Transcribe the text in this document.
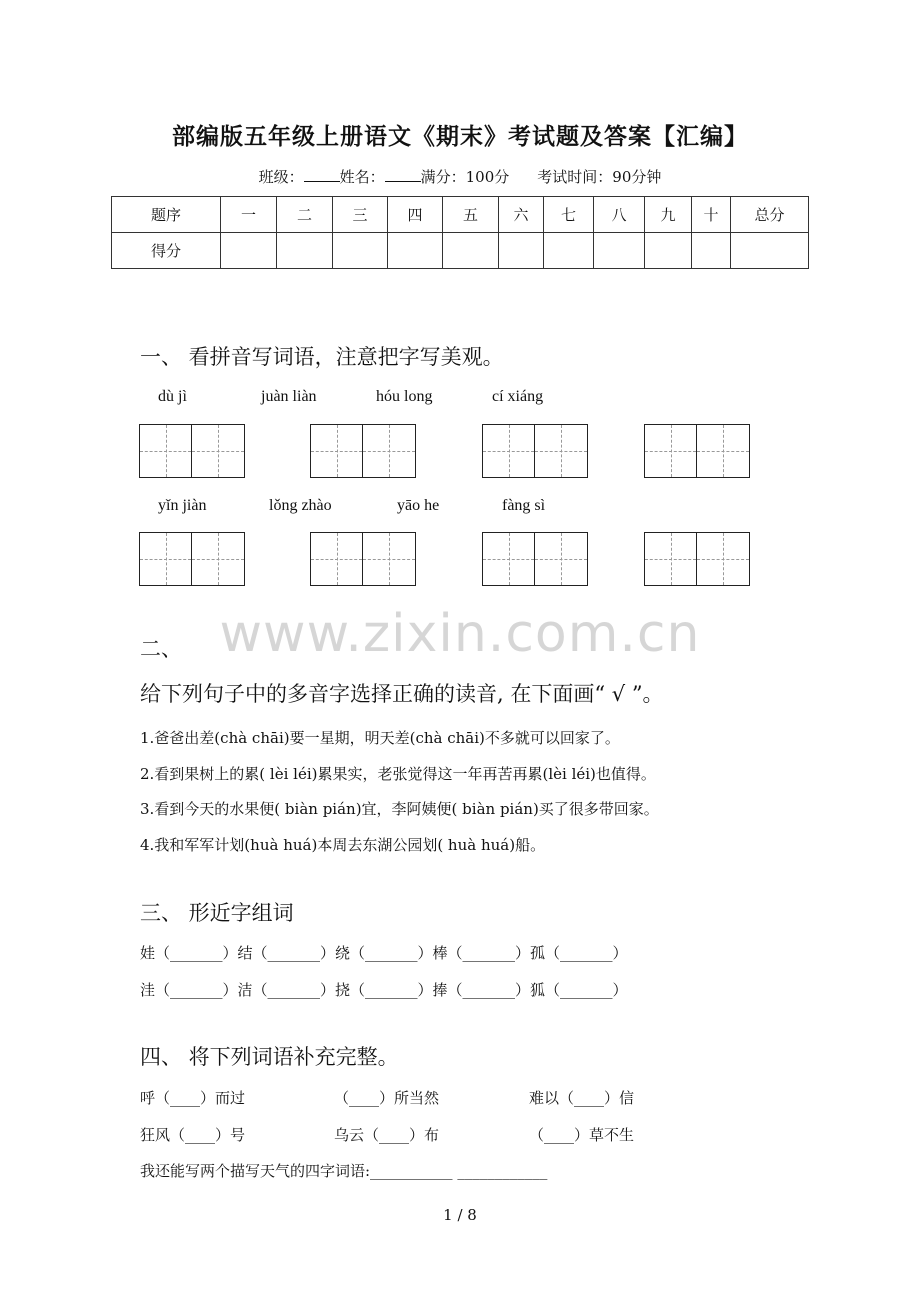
部编版五年级上册语文《期末》考试题及答案【汇编】
班级： 姓名： 满分：100分 考试时间：90分钟
题序	一	二	三	四	五	六	七	八	九	十	总分
得分											
一、 看拼音写词语，注意把字写美观。
dù jì	juàn liàn	hóu long	cí xiáng
yǐn jiàn	lǒng zhào	yāo he	fàng sì
www.zixin.com.cn
二、
给下列句子中的多音字选择正确的读音, 在下面画“ √ ”。
1.爸爸出差(chà chāi)要一星期，明天差(chà chāi)不多就可以回家了。
2.看到果树上的累( lèi léi)累果实，老张觉得这一年再苦再累(lèi léi)也值得。
3.看到今天的水果便( biàn pián)宜，李阿姨便( biàn pián)买了很多带回家。
4.我和军军计划(huà huá)本周去东湖公园划( huà huá)船。
三、 形近字组词
娃（_______）结（_______）绕（_______）棒（_______）孤（_______）
洼（_______）洁（_______）挠（_______）捧（_______）狐（_______）
四、 将下列词语补充完整。
呼（____）而过	（____）所当然	难以（____）信
狂风（____）号	乌云（____）布	（____）草不生
我还能写两个描写天气的四字词语:___________ ____________
1 / 8
